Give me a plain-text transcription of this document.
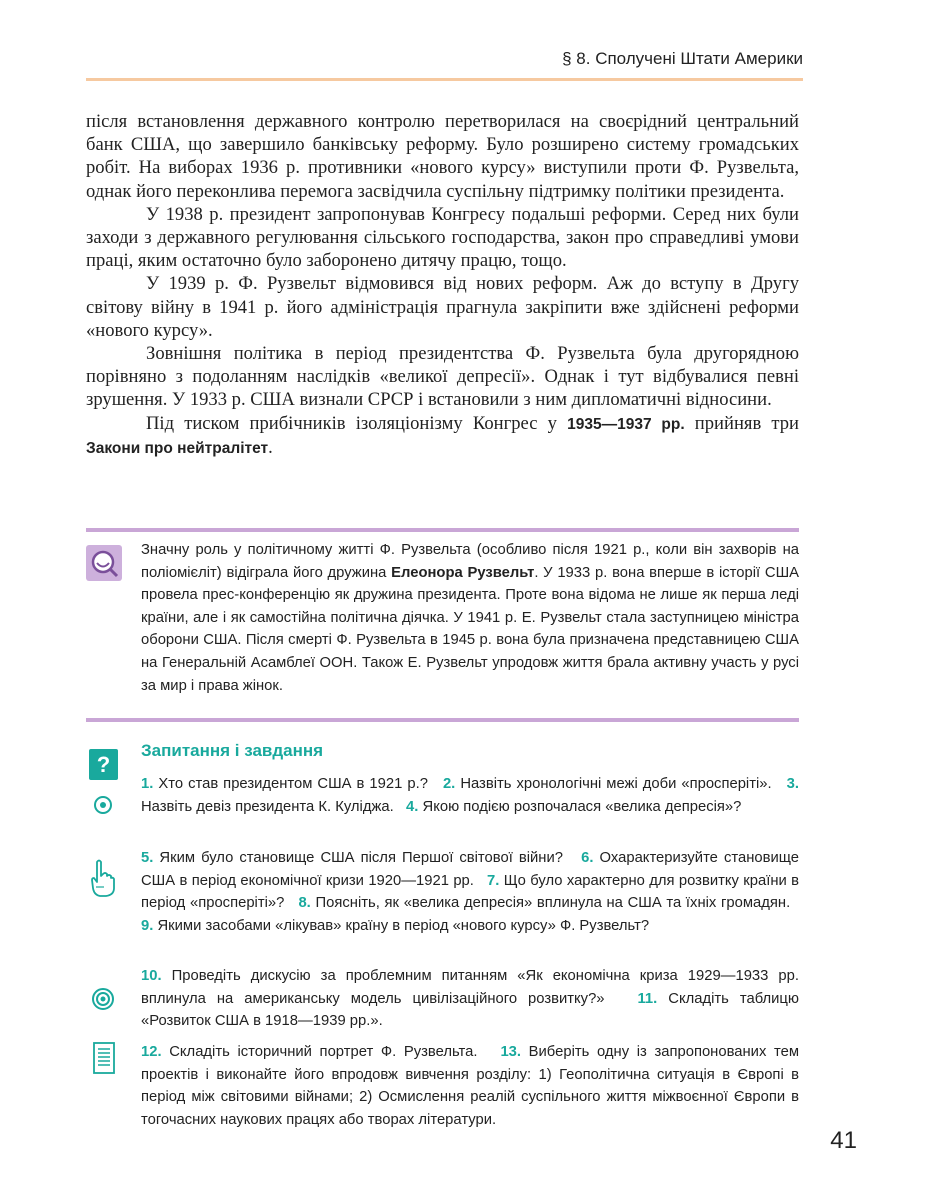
§ 8. Сполучені Штати Америки

після встановлення державного контролю перетворилася на своєрідний центральний банк США, що завершило банківську реформу. Було розширено систему громадських робіт. На виборах 1936 р. противники «нового курсу» виступили проти Ф. Рузвельта, однак його переконлива перемога засвідчила суспільну підтримку політики президента.

У 1938 р. президент запропонував Конгресу подальші реформи. Серед них були заходи з державного регулювання сільського господарства, закон про справедливі умови праці, яким остаточно було заборонено дитячу працю, тощо.

У 1939 р. Ф. Рузвельт відмовився від нових реформ. Аж до вступу в Другу світову війну в 1941 р. його адміністрація прагнула закріпити вже здійснені реформи «нового курсу».

Зовнішня політика в період президентства Ф. Рузвельта була другорядною порівняно з подоланням наслідків «великої депресії». Однак і тут відбувалися певні зрушення. У 1933 р. США визнали СРСР і встановили з ним дипломатичні відносини.

Під тиском прибічників ізоляціонізму Конгрес у 1935—1937 рр. прийняв три Закони про нейтралітет.

Значну роль у політичному житті Ф. Рузвельта (особливо після 1921 р., коли він захворів на поліомієліт) відіграла його дружина Елеонора Рузвельт. У 1933 р. вона вперше в історії США провела прес-конференцію як дружина президента. Проте вона відома не лише як перша леді країни, але і як самостійна політична діячка. У 1941 р. Е. Рузвельт стала заступницею міністра оборони США. Після смерті Ф. Рузвельта в 1945 р. вона була призначена представницею США на Генеральній Асамблеї ООН. Також Е. Рузвельт упродовж життя брала активну участь у русі за мир і права жінок.

?
Запитання і завдання

1. Хто став президентом США в 1921 р.? 2. Назвіть хронологічні межі доби «просперіті». 3. Назвіть девіз президента К. Куліджа. 4. Якою подією розпочалася «велика депресія»?

5. Яким було становище США після Першої світової війни? 6. Охарактеризуйте становище США в період економічної кризи 1920—1921 рр. 7. Що було характерно для розвитку країни в період «просперіті»? 8. Поясніть, як «велика депресія» вплинула на США та їхніх громадян.   9. Якими засобами «лікував» країну в період «нового курсу» Ф. Рузвельт?

10. Проведіть дискусію за проблемним питанням «Як економічна криза 1929—1933 рр. вплинула на американську модель цивілізаційного розвитку?» 11. Складіть таблицю «Розвиток США в 1918—1939 рр.».

12. Складіть історичний портрет Ф. Рузвельта. 13. Виберіть одну із запропонованих тем проектів і виконайте його впродовж вивчення розділу: 1) Геополітична ситуація в Європі в період між світовими війнами; 2) Осмислення реалій суспільного життя міжвоєнної Європи в тогочасних наукових працях або творах літератури.

41
